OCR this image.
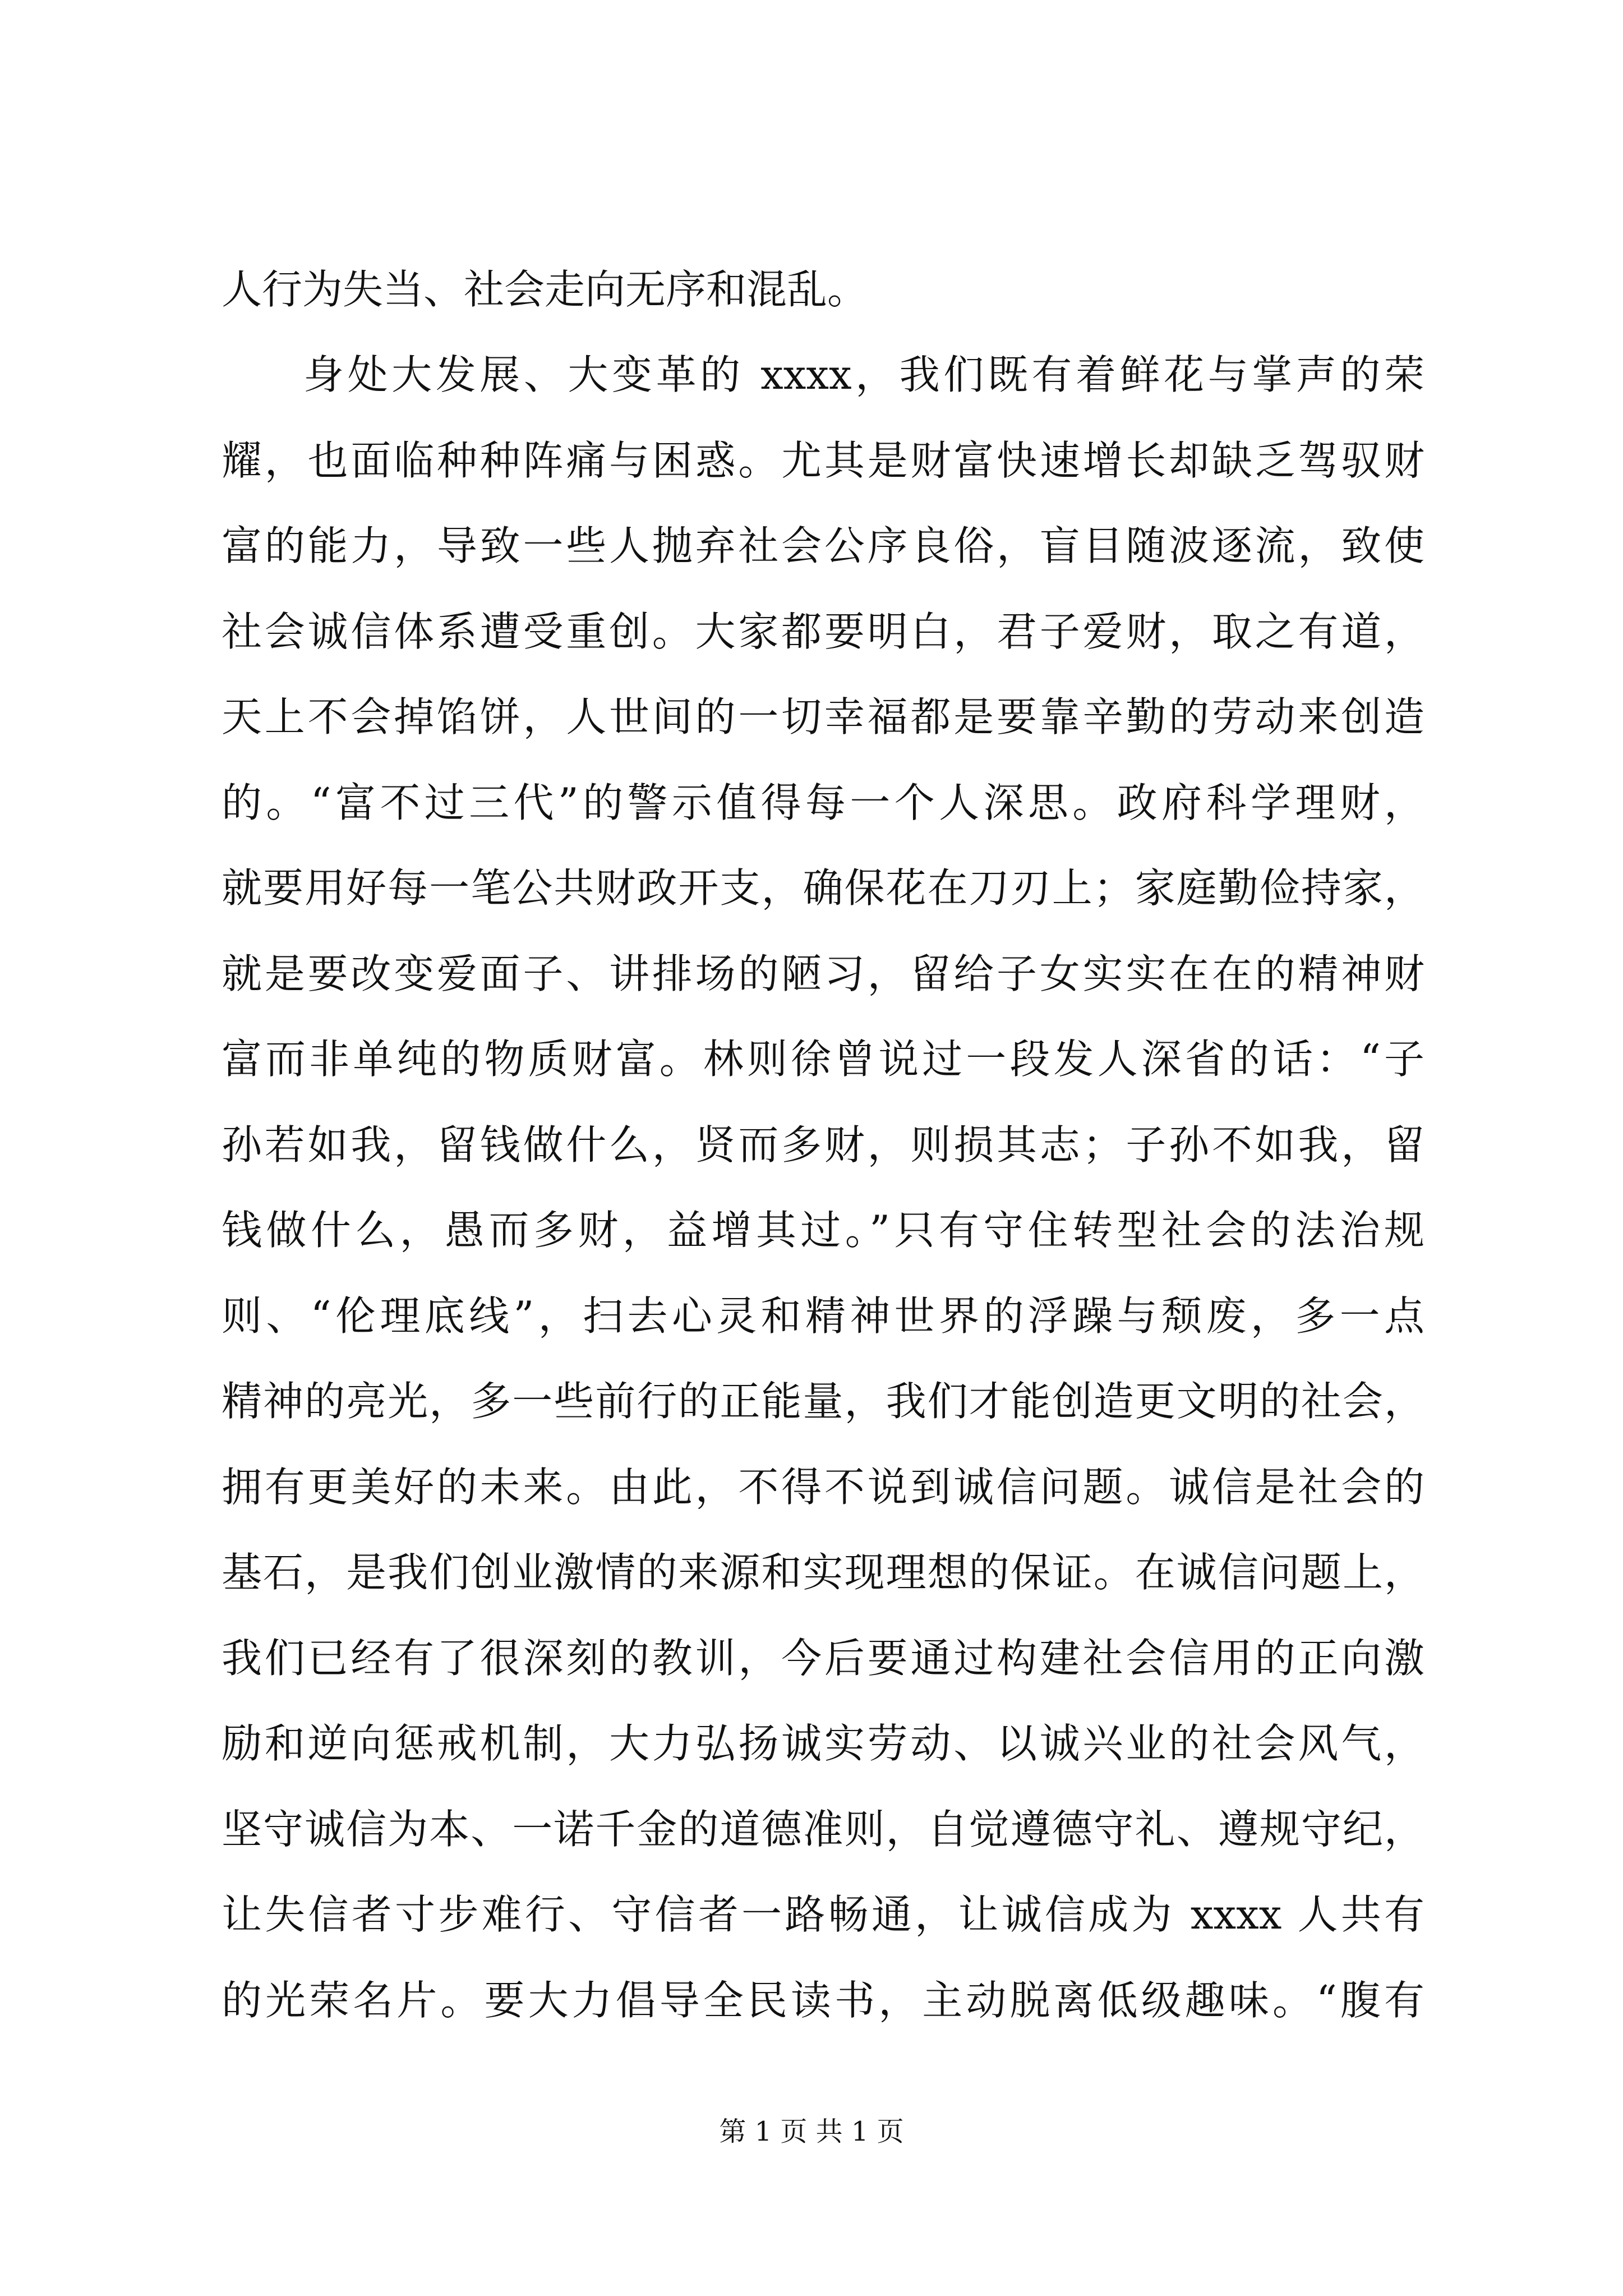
人行为失当、社会走向无序和混乱。
身处大发展、大变革的 xxxx，我们既有着鲜花与掌声的荣
耀，也面临种种阵痛与困惑。尤其是财富快速增长却缺乏驾驭财
富的能力，导致一些人抛弃社会公序良俗，盲目随波逐流，致使
社会诚信体系遭受重创。大家都要明白，君子爱财，取之有道，
天上不会掉馅饼，人世间的一切幸福都是要靠辛勤的劳动来创造
的。“富不过三代”的警示值得每一个人深思。政府科学理财，
就要用好每一笔公共财政开支，确保花在刀刃上；家庭勤俭持家，
就是要改变爱面子、讲排场的陋习，留给子女实实在在的精神财
富而非单纯的物质财富。林则徐曾说过一段发人深省的话：“子
孙若如我，留钱做什么，贤而多财，则损其志；子孙不如我，留
钱做什么，愚而多财，益增其过。”只有守住转型社会的法治规
则、“伦理底线”，扫去心灵和精神世界的浮躁与颓废，多一点
精神的亮光，多一些前行的正能量，我们才能创造更文明的社会，
拥有更美好的未来。由此，不得不说到诚信问题。诚信是社会的
基石，是我们创业激情的来源和实现理想的保证。在诚信问题上，
我们已经有了很深刻的教训，今后要通过构建社会信用的正向激
励和逆向惩戒机制，大力弘扬诚实劳动、以诚兴业的社会风气，
坚守诚信为本、一诺千金的道德准则，自觉遵德守礼、遵规守纪，
让失信者寸步难行、守信者一路畅通，让诚信成为 xxxx 人共有
的光荣名片。要大力倡导全民读书，主动脱离低级趣味。“腹有
第 1 页 共 1 页
